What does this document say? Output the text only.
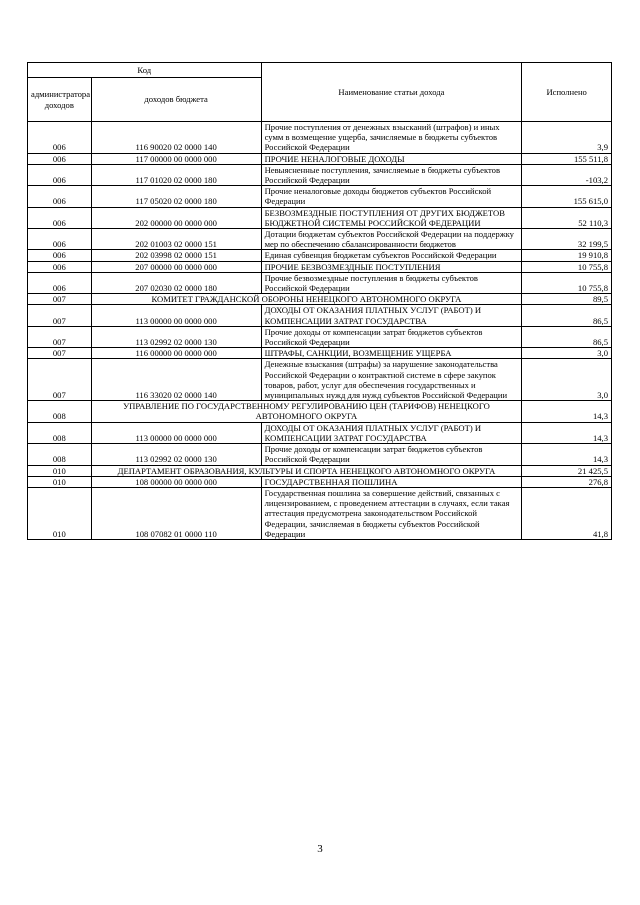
Код		Наименование статьи дохода	Исполнено
администратора доходов	доходов бюджета		
006	116 90020 02 0000 140	Прочие поступления от денежных взысканий (штрафов) и иных сумм в возмещение ущерба, зачисляемые в бюджеты субъектов Российской Федерации	3,9
006	117 00000 00 0000 000	ПРОЧИЕ НЕНАЛОГОВЫЕ ДОХОДЫ	155 511,8
006	117 01020 02 0000 180	Невыясненные поступления, зачисляемые в бюджеты субъектов Российской Федерации	-103,2
006	117 05020 02 0000 180	Прочие неналоговые доходы бюджетов субъектов Российской Федерации	155 615,0
006	202 00000 00 0000 000	БЕЗВОЗМЕЗДНЫЕ ПОСТУПЛЕНИЯ ОТ ДРУГИХ БЮДЖЕТОВ БЮДЖЕТНОЙ СИСТЕМЫ РОССИЙСКОЙ ФЕДЕРАЦИИ	52 110,3
006	202 01003 02 0000 151	Дотации бюджетам субъектов Российской Федерации на поддержку мер по обеспечению сбалансированности бюджетов	32 199,5
006	202 03998 02 0000 151	Единая субвенция бюджетам субъектов Российской Федерации	19 910,8
006	207 00000 00 0000 000	ПРОЧИЕ БЕЗВОЗМЕЗДНЫЕ ПОСТУПЛЕНИЯ	10 755,8
006	207 02030 02 0000 180	Прочие безвозмездные поступления в бюджеты субъектов Российской Федерации	10 755,8
007	КОМИТЕТ ГРАЖДАНСКОЙ ОБОРОНЫ НЕНЕЦКОГО АВТОНОМНОГО ОКРУГА		89,5
007	113 00000 00 0000 000	ДОХОДЫ ОТ ОКАЗАНИЯ ПЛАТНЫХ УСЛУГ (РАБОТ) И КОМПЕНСАЦИИ ЗАТРАТ ГОСУДАРСТВА	86,5
007	113 02992 02 0000 130	Прочие доходы от компенсации затрат бюджетов субъектов Российской Федерации	86,5
007	116 00000 00 0000 000	ШТРАФЫ, САНКЦИИ, ВОЗМЕЩЕНИЕ УЩЕРБА	3,0
007	116 33020 02 0000 140	Денежные взыскания (штрафы) за нарушение законодательства Российской Федерации о контрактной системе в сфере закупок товаров, работ, услуг для обеспечения государственных и муниципальных нужд для нужд субъектов Российской Федерации	3,0
008	УПРАВЛЕНИЕ ПО ГОСУДАРСТВЕННОМУ РЕГУЛИРОВАНИЮ ЦЕН (ТАРИФОВ) НЕНЕЦКОГО АВТОНОМНОГО ОКРУГА		14,3
008	113 00000 00 0000 000	ДОХОДЫ ОТ ОКАЗАНИЯ ПЛАТНЫХ УСЛУГ (РАБОТ) И КОМПЕНСАЦИИ ЗАТРАТ ГОСУДАРСТВА	14,3
008	113 02992 02 0000 130	Прочие доходы от компенсации затрат бюджетов субъектов Российской Федерации	14,3
010	ДЕПАРТАМЕНТ ОБРАЗОВАНИЯ, КУЛЬТУРЫ И СПОРТА НЕНЕЦКОГО АВТОНОМНОГО ОКРУГА		21 425,5
010	108 00000 00 0000 000	ГОСУДАРСТВЕННАЯ ПОШЛИНА	276,8
010	108 07082 01 0000 110	Государственная пошлина за совершение действий, связанных с лицензированием, с проведением аттестации в случаях, если такая аттестация предусмотрена законодательством Российской Федерации, зачисляемая в бюджеты субъектов Российской Федерации	41,8
3
